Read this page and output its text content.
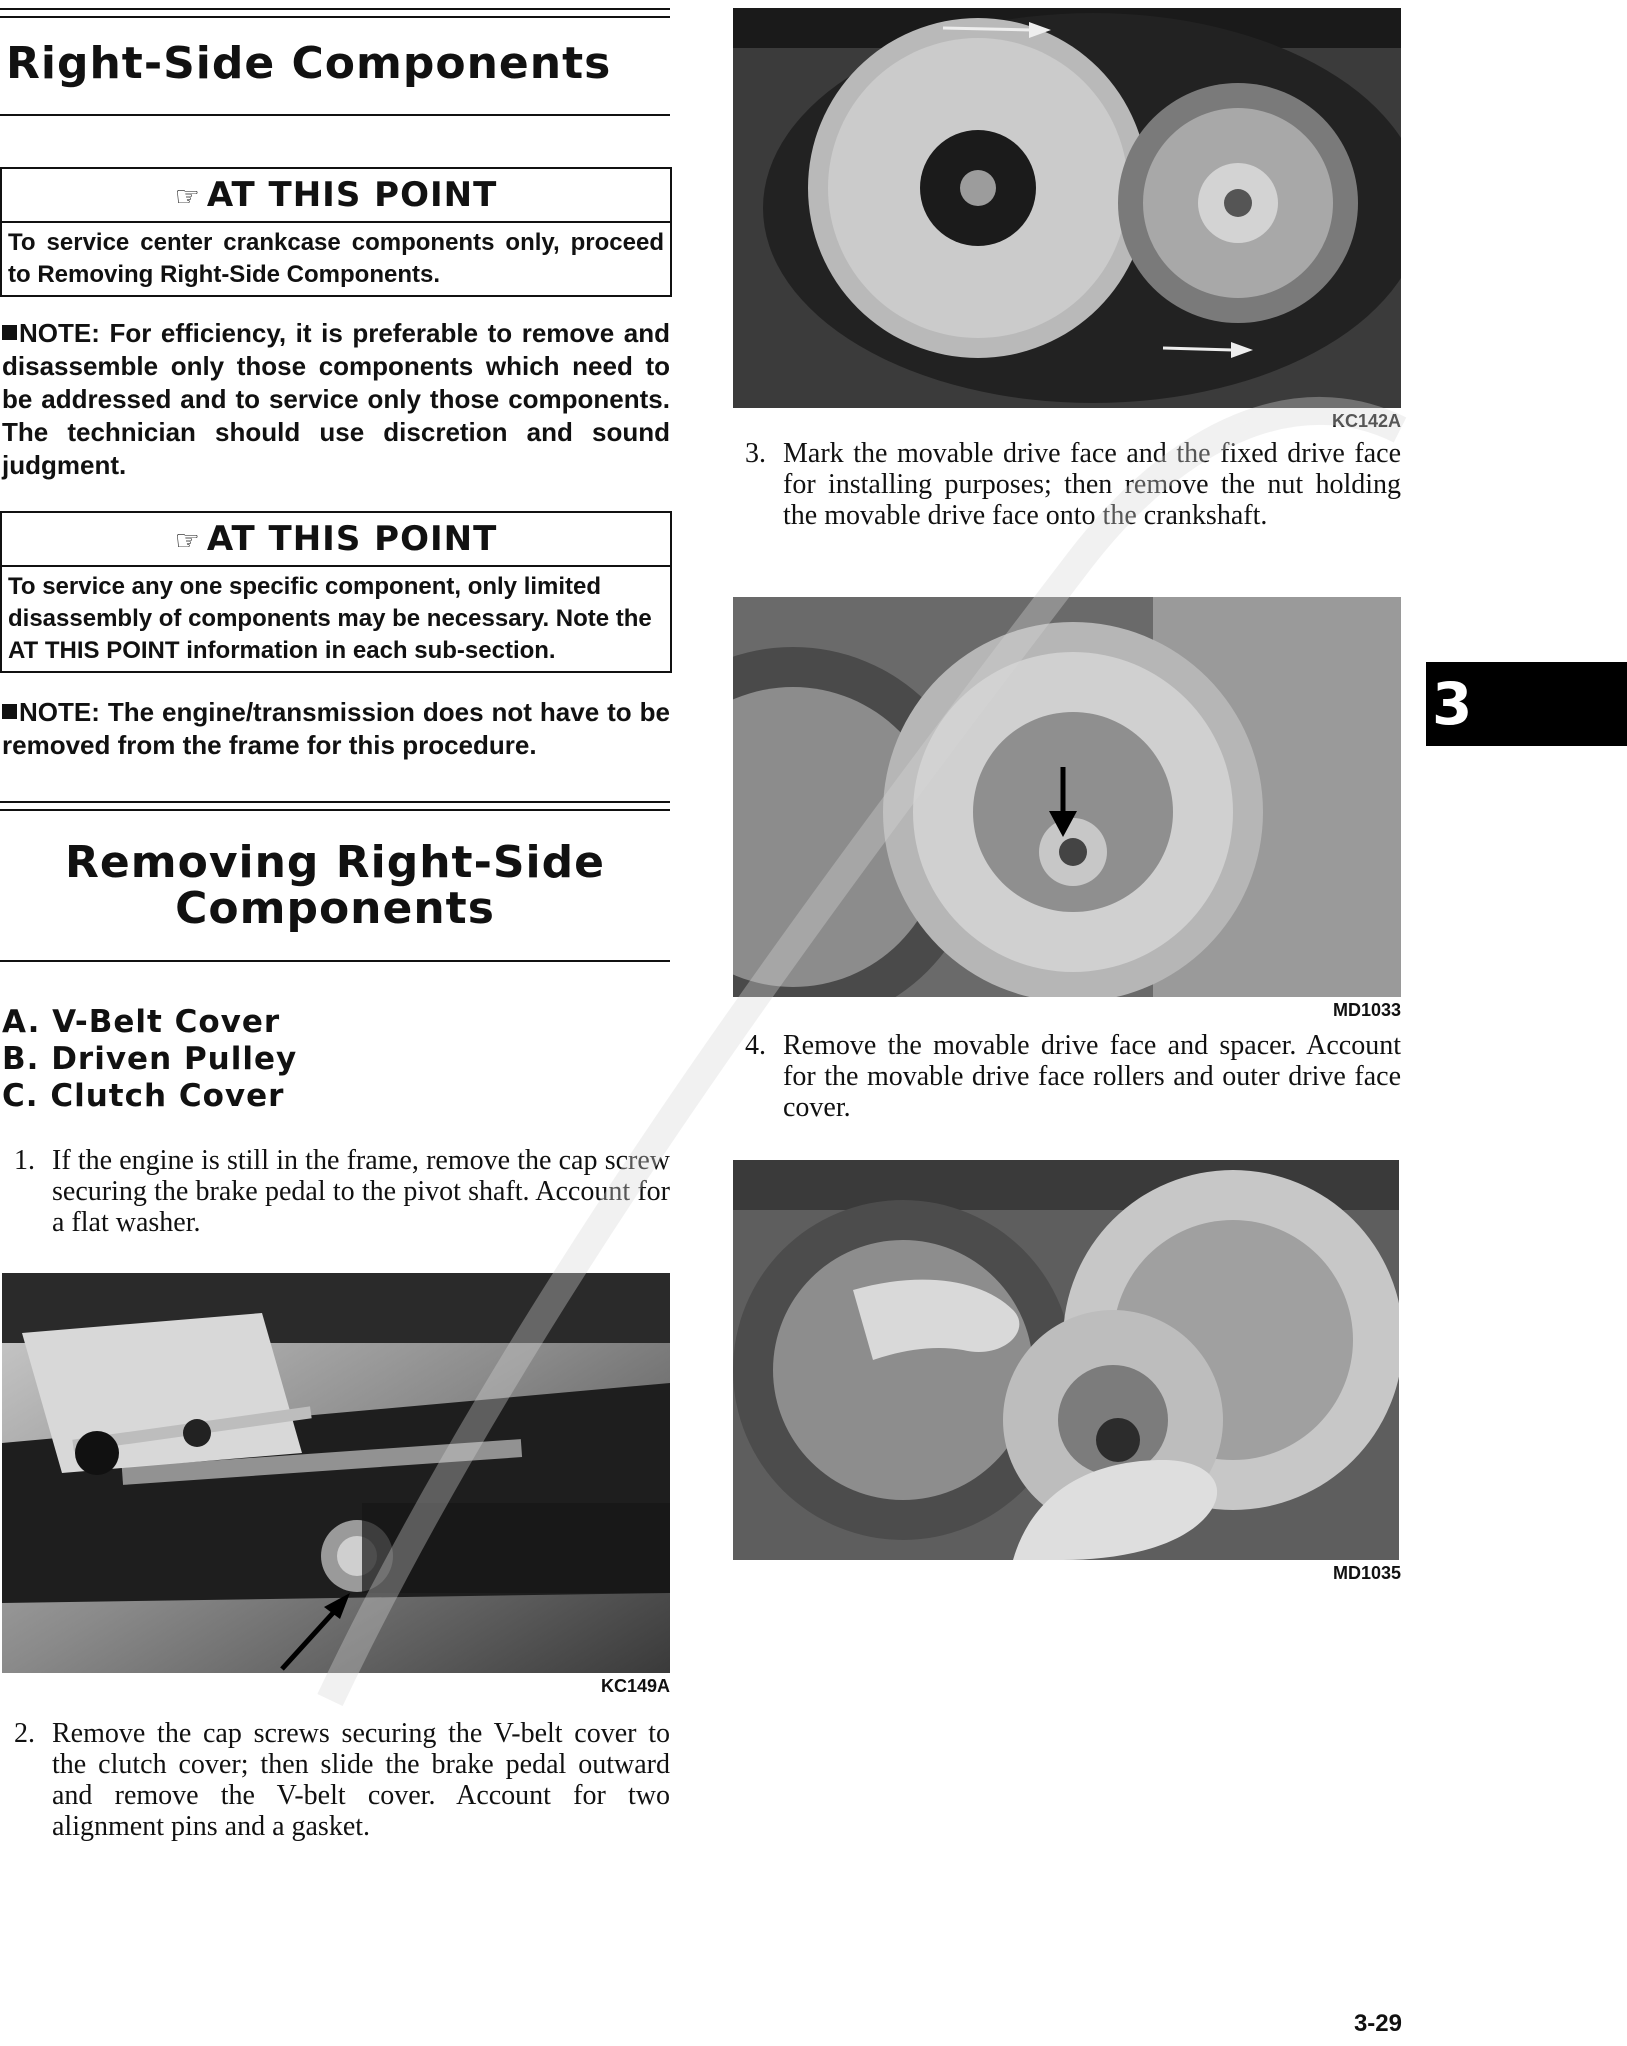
Right-Side Components
☞ AT THIS POINT
To service center crankcase components only, proceed to Removing Right-Side Components.
NOTE: For efficiency, it is preferable to remove and disassemble only those components which need to be addressed and to service only those components. The technician should use discretion and sound judgment.
☞ AT THIS POINT
To service any one specific component, only limited disassembly of components may be necessary. Note the AT THIS POINT information in each sub-section.
NOTE: The engine/transmission does not have to be removed from the frame for this procedure.
Removing Right-Side
Components
A. V-Belt Cover
B. Driven Pulley
C. Clutch Cover
1. If the engine is still in the frame, remove the cap screw securing the brake pedal to the pivot shaft. Account for a flat washer.
KC149A
2. Remove the cap screws securing the V-belt cover to the clutch cover; then slide the brake pedal outward and remove the V-belt cover. Account for two alignment pins and a gasket.
KC142A
3. Mark the movable drive face and the fixed drive face for installing purposes; then remove the nut holding the movable drive face onto the crankshaft.
MD1033
4. Remove the movable drive face and spacer. Account for the movable drive face rollers and outer drive face cover.
MD1035
3
3-29
